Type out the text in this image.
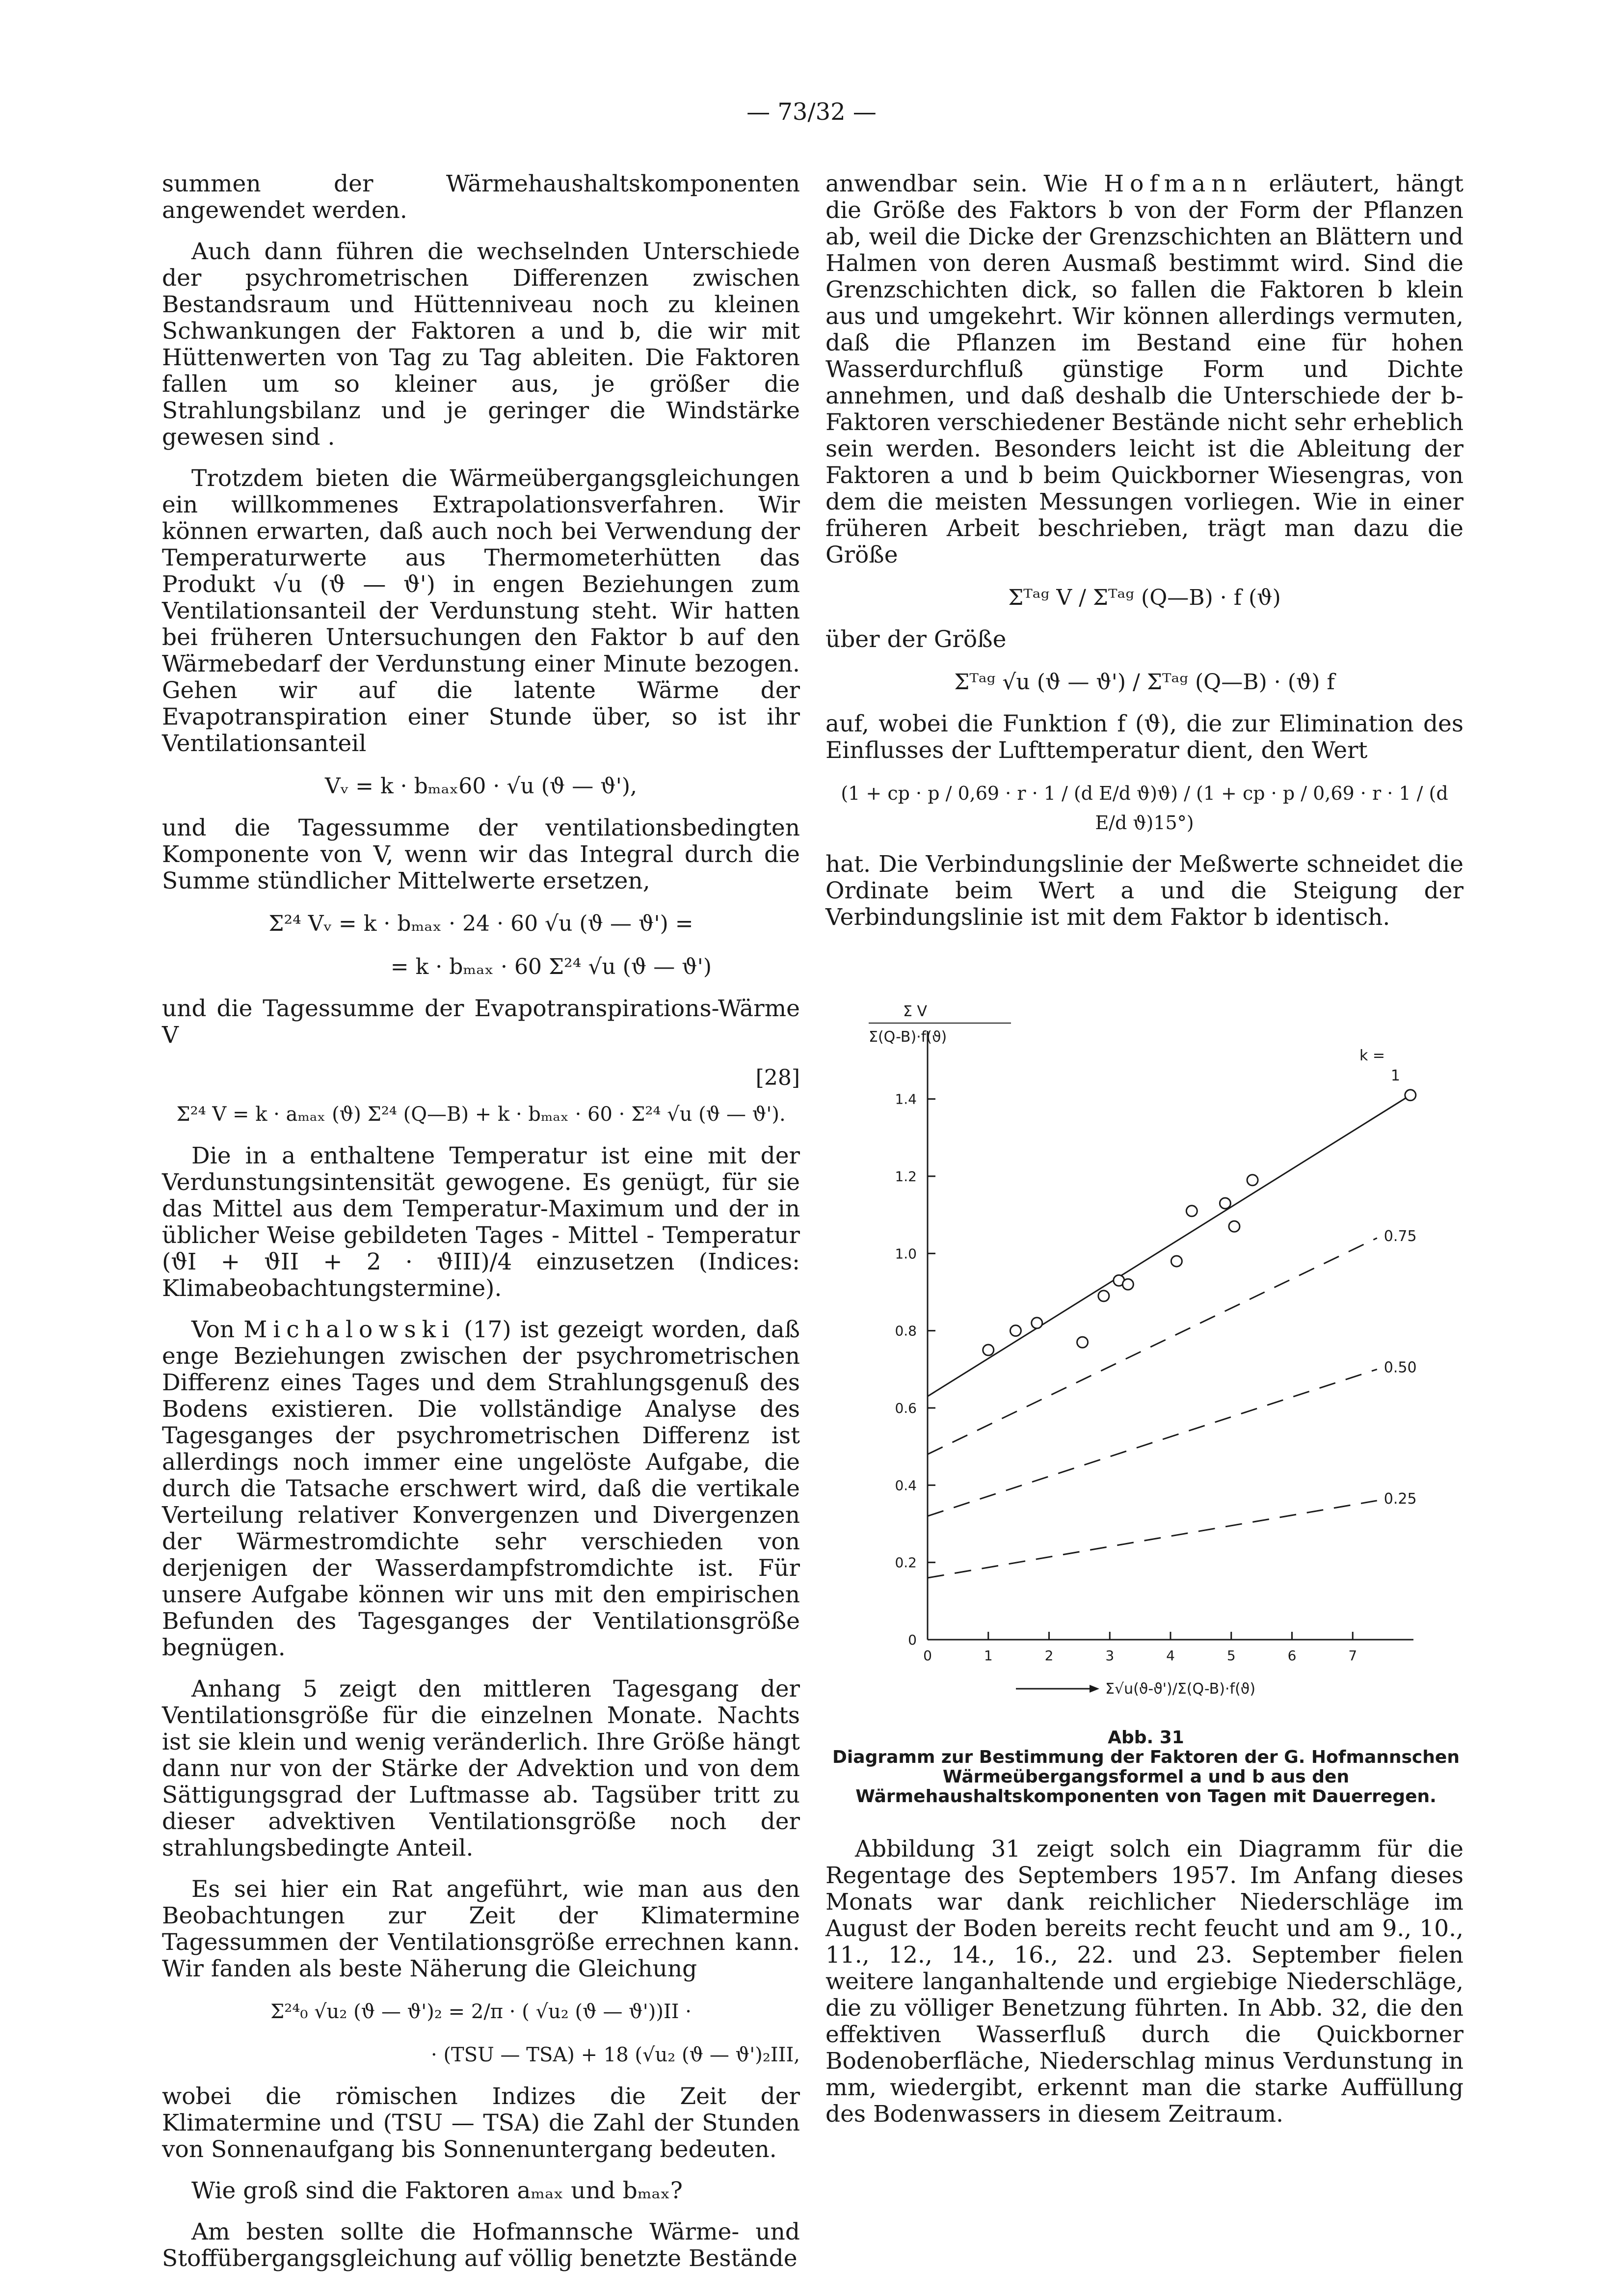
— 73/32 —

summen der Wärmehaushaltskomponenten angewendet werden.

Auch dann führen die wechselnden Unterschiede der psychrometrischen Differenzen zwischen Bestandsraum und Hüttenniveau noch zu kleinen Schwankungen der Faktoren a und b, die wir mit Hüttenwerten von Tag zu Tag ableiten. Die Faktoren fallen um so kleiner aus, je größer die Strahlungsbilanz und je geringer die Windstärke gewesen sind .

Trotzdem bieten die Wärmeübergangsgleichungen ein willkommenes Extrapolationsverfahren. Wir können erwarten, daß auch noch bei Verwendung der Temperaturwerte aus Thermometerhütten das Produkt √u (ϑ — ϑ') in engen Beziehungen zum Ventilationsanteil der Verdunstung steht. Wir hatten bei früheren Untersuchungen den Faktor b auf den Wärmebedarf der Verdunstung einer Minute bezogen. Gehen wir auf die latente Wärme der Evapotranspiration einer Stunde über, so ist ihr Ventilationsanteil

Vᵥ = k · bₘₐₓ60 · √u (ϑ — ϑ'),

und die Tagessumme der ventilationsbedingten Komponente von V, wenn wir das Integral durch die Summe stündlicher Mittelwerte ersetzen,

Σ²⁴ Vᵥ = k · bₘₐₓ · 24 · 60 √u (ϑ — ϑ') =
= k · bₘₐₓ · 60 Σ²⁴ √u (ϑ — ϑ')

und die Tagessumme der Evapotranspirations-Wärme V

[28]
Σ²⁴ V = k · aₘₐₓ (ϑ) Σ²⁴ (Q—B) + k · bₘₐₓ · 60 · Σ²⁴ √u (ϑ — ϑ').

Die in a enthaltene Temperatur ist eine mit der Verdunstungsintensität gewogene. Es genügt, für sie das Mittel aus dem Temperatur-Maximum und der in üblicher Weise gebildeten Tages - Mittel - Temperatur (ϑI + ϑII + 2 · ϑIII)/4 einzusetzen (Indices: Klimabeobachtungstermine).

Von Michalowski (17) ist gezeigt worden, daß enge Beziehungen zwischen der psychrometrischen Differenz eines Tages und dem Strahlungsgenuß des Bodens existieren. Die vollständige Analyse des Tagesganges der psychrometrischen Differenz ist allerdings noch immer eine ungelöste Aufgabe, die durch die Tatsache erschwert wird, daß die vertikale Verteilung relativer Konvergenzen und Divergenzen der Wärmestromdichte sehr verschieden von derjenigen der Wasserdampfstromdichte ist. Für unsere Aufgabe können wir uns mit den empirischen Befunden des Tagesganges der Ventilationsgröße begnügen.

Anhang 5 zeigt den mittleren Tagesgang der Ventilationsgröße für die einzelnen Monate. Nachts ist sie klein und wenig veränderlich. Ihre Größe hängt dann nur von der Stärke der Advektion und von dem Sättigungsgrad der Luftmasse ab. Tagsüber tritt zu dieser advektiven Ventilationsgröße noch der strahlungsbedingte Anteil.

Es sei hier ein Rat angeführt, wie man aus den Beobachtungen zur Zeit der Klimatermine Tagessummen der Ventilationsgröße errechnen kann. Wir fanden als beste Näherung die Gleichung

Σ²⁴₀ √u₂ (ϑ — ϑ')₂ = 2/π · ( √u₂ (ϑ — ϑ'))II ·
· (TSU — TSA) + 18 (√u₂ (ϑ — ϑ')₂III,

wobei die römischen Indizes die Zeit der Klimatermine und (TSU — TSA) die Zahl der Stunden von Sonnenaufgang bis Sonnenuntergang bedeuten.

Wie groß sind die Faktoren aₘₐₓ und bₘₐₓ?

Am besten sollte die Hofmannsche Wärme- und Stoffübergangsgleichung auf völlig benetzte Bestände

anwendbar sein. Wie Hofmann erläutert, hängt die Größe des Faktors b von der Form der Pflanzen ab, weil die Dicke der Grenzschichten an Blättern und Halmen von deren Ausmaß bestimmt wird. Sind die Grenzschichten dick, so fallen die Faktoren b klein aus und umgekehrt. Wir können allerdings vermuten, daß die Pflanzen im Bestand eine für hohen Wasserdurchfluß günstige Form und Dichte annehmen, und daß deshalb die Unterschiede der b-Faktoren verschiedener Bestände nicht sehr erheblich sein werden. Besonders leicht ist die Ableitung der Faktoren a und b beim Quickborner Wiesengras, von dem die meisten Messungen vorliegen. Wie in einer früheren Arbeit beschrieben, trägt man dazu die Größe

Σᵀᵃᵍ V / Σᵀᵃᵍ (Q—B) · f (ϑ)

über der Größe

Σᵀᵃᵍ √u (ϑ — ϑ') / Σᵀᵃᵍ (Q—B) · (ϑ) f

auf, wobei die Funktion f (ϑ), die zur Elimination des Einflusses der Lufttemperatur dient, den Wert

(1 + cp · p / 0,69 · r · 1 / (d E/d ϑ)ϑ) / (1 + cp · p / 0,69 · r · 1 / (d E/d ϑ)15°)

hat. Die Verbindungslinie der Meßwerte schneidet die Ordinate beim Wert a und die Steigung der Verbindungslinie ist mit dem Faktor b identisch.

0
0.2
0.4
0.6
0.8
1.0
1.2
1.4
0	1	2	3	4	5	6	7
1
0.75
0.50
0.25
Σ V
Σ(Q-B)·f(ϑ)
k =
Σ√u(ϑ-ϑ')/Σ(Q-B)·f(ϑ)
Abb. 31
Diagramm zur Bestimmung der Faktoren der G. Hofmannschen Wärmeübergangsformel a und b aus den Wärmehaushaltskomponenten von Tagen mit Dauerregen.

Abbildung 31 zeigt solch ein Diagramm für die Regentage des Septembers 1957. Im Anfang dieses Monats war dank reichlicher Niederschläge im August der Boden bereits recht feucht und am 9., 10., 11., 12., 14., 16., 22. und 23. September fielen weitere langanhaltende und ergiebige Niederschläge, die zu völliger Benetzung führten. In Abb. 32, die den effektiven Wasserfluß durch die Quickborner Bodenoberfläche, Niederschlag minus Verdunstung in mm, wiedergibt, erkennt man die starke Auffüllung des Bodenwassers in diesem Zeitraum.
